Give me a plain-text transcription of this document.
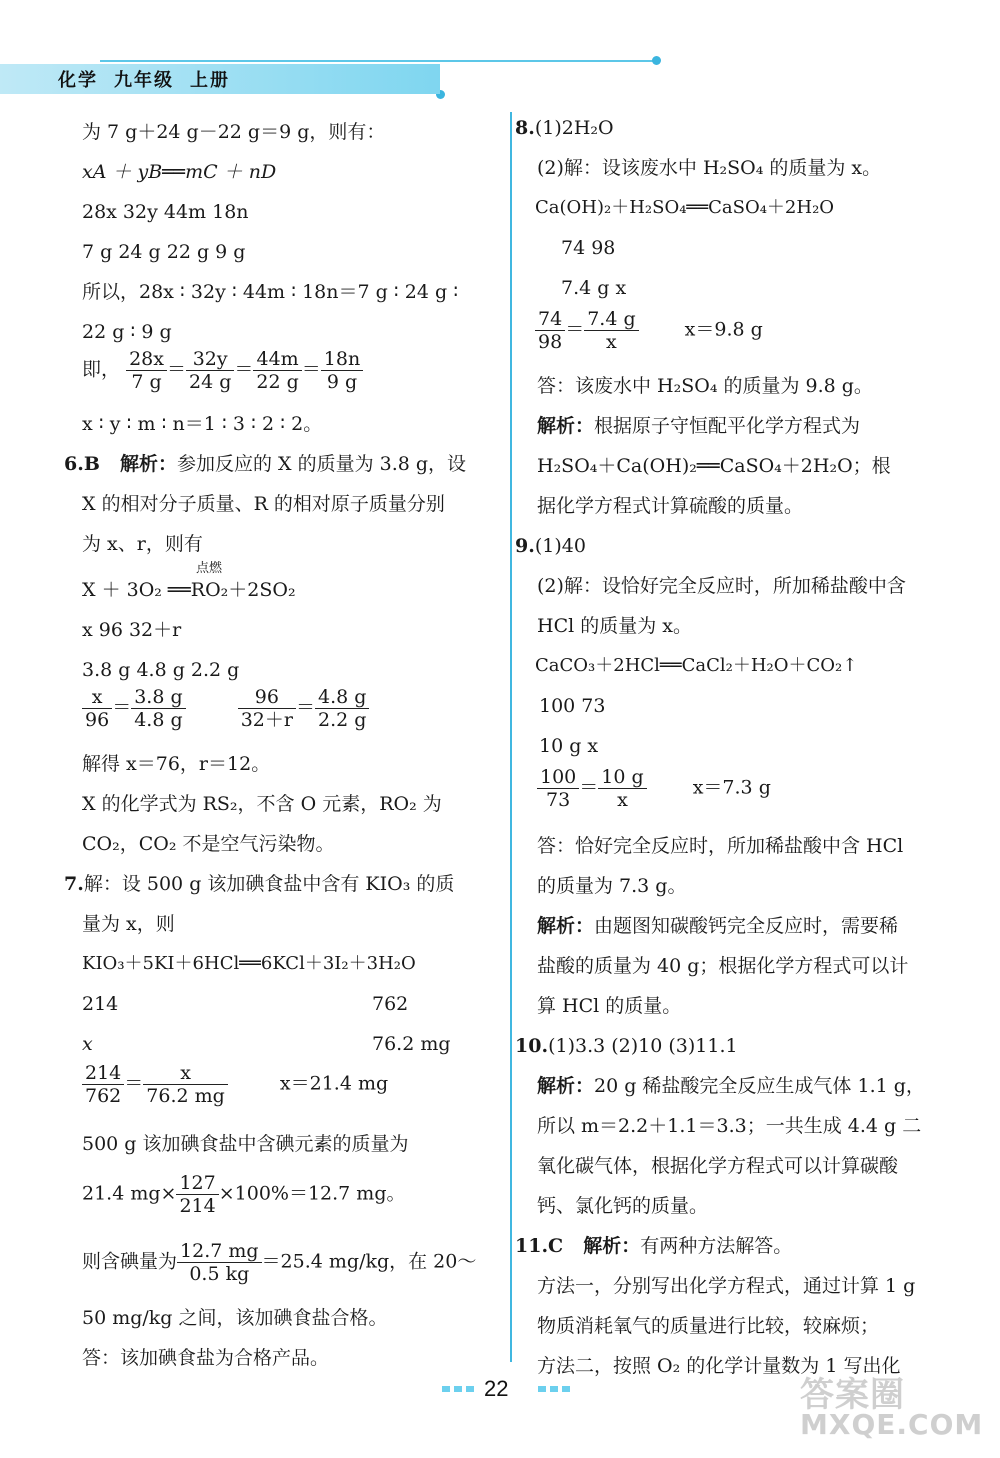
化学 九年级 上册
为 7 g＋24 g－22 g＝9 g，则有：
xA ＋ yB══mC ＋ nD
28x 32y 44m 18n
7 g 24 g 22 g 9 g
所以，28x ∶ 32y ∶ 44m ∶ 18n＝7 g ∶ 24 g ∶
22 g ∶ 9 g
即， $\frac{28x}{7 g} = \frac{32y}{24 g} = \frac{44m}{22 g} = \frac{18n}{9 g}$
x ∶ y ∶ m ∶ n＝1 ∶ 3 ∶ 2 ∶ 2。
6.B 解析：参加反应的 X 的质量为 3.8 g，设
X 的相对分子质量、R 的相对原子质量分别
为 x、r，则有
点燃
X ＋ 3O₂ ══RO₂＋2SO₂
x 96 32＋r
3.8 g 4.8 g 2.2 g
$\frac{x}{96} = \frac{3.8 g}{4.8 g}$
	$\frac{96}{32+r} = \frac{4.8 g}{2.2 g}$
解得 x＝76，r＝12。
X 的化学式为 RS₂，不含 O 元素，RO₂ 为
CO₂，CO₂ 不是空气污染物。
7.解：设 500 g 该加碘食盐中含有 KIO₃ 的质
量为 x，则
KIO₃＋5KI＋6HCl══6KCl＋3I₂＋3H₂O
214	762
x	76.2 mg
$\frac{214}{762} = \frac{x}{76.2 mg}$	x＝21.4 mg
500 g 该加碘食盐中含碘元素的质量为
21.4 $mg\times \frac{127}{214} \times 100\%=12.7$ mg。
则含碘量为 $\frac{12.7 mg}{0.5 kg} =25.4$ mg/kg，在 20～
50 mg/kg 之间，该加碘食盐合格。
答：该加碘食盐为合格产品。
8.(1)2H₂O
(2)解：设该废水中 H₂SO₄ 的质量为 x。
Ca(OH)₂＋H₂SO₄══CaSO₄＋2H₂O
74 98
7.4 g x
$\frac{74}{98} = \frac{7.4 g}{x} x=9.8$ g
答：该废水中 H₂SO₄ 的质量为 9.8 g。
解析：根据原子守恒配平化学方程式为
H₂SO₄＋Ca(OH)₂══CaSO₄＋2H₂O；根
据化学方程式计算硫酸的质量。
9.(1)40
(2)解：设恰好完全反应时，所加稀盐酸中含
HCl 的质量为 x。
CaCO₃＋2HCl══CaCl₂＋H₂O＋CO₂↑
100 73
10 g x
$\frac{100}{73} = \frac{10 g}{x} x=7.3$ g
答：恰好完全反应时，所加稀盐酸中含 HCl
的质量为 7.3 g。
解析：由题图知碳酸钙完全反应时，需要稀
盐酸的质量为 40 g；根据化学方程式可以计
算 HCl 的质量。
10.(1)3.3 (2)10 (3)11.1
解析：20 g 稀盐酸完全反应生成气体 1.1 g，
所以 m＝2.2＋1.1＝3.3；一共生成 4.4 g 二
氧化碳气体，根据化学方程式可以计算碳酸
钙、氯化钙的质量。
11.C 解析：有两种方法解答。
方法一，分别写出化学方程式，通过计算 1 g
物质消耗氧气的质量进行比较，较麻烦；
方法二，按照 O₂ 的化学计量数为 1 写出化
22	答案圈
MXQE.COM
